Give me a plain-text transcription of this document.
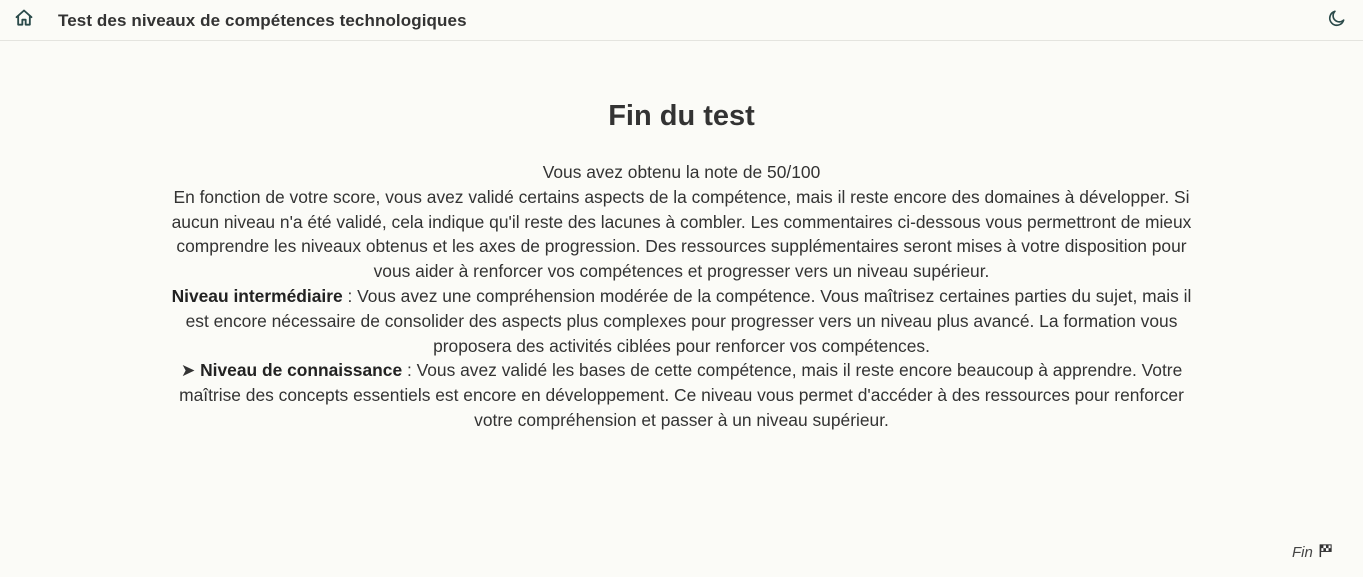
Test des niveaux de compétences technologiques
Fin du test

Vous avez obtenu la note de 50/100

En fonction de votre score, vous avez validé certains aspects de la compétence, mais il reste encore des domaines à développer. Si aucun niveau n'a été validé, cela indique qu'il reste des lacunes à combler. Les commentaires ci-dessous vous permettront de mieux comprendre les niveaux obtenus et les axes de progression. Des ressources supplémentaires seront mises à votre disposition pour vous aider à renforcer vos compétences et progresser vers un niveau supérieur.

Niveau intermédiaire : Vous avez une compréhension modérée de la compétence. Vous maîtrisez certaines parties du sujet, mais il est encore nécessaire de consolider des aspects plus complexes pour progresser vers un niveau plus avancé. La formation vous proposera des activités ciblées pour renforcer vos compétences.

➤ Niveau de connaissance : Vous avez validé les bases de cette compétence, mais il reste encore beaucoup à apprendre. Votre maîtrise des concepts essentiels est encore en développement. Ce niveau vous permet d'accéder à des ressources pour renforcer votre compréhension et passer à un niveau supérieur.

Fin
